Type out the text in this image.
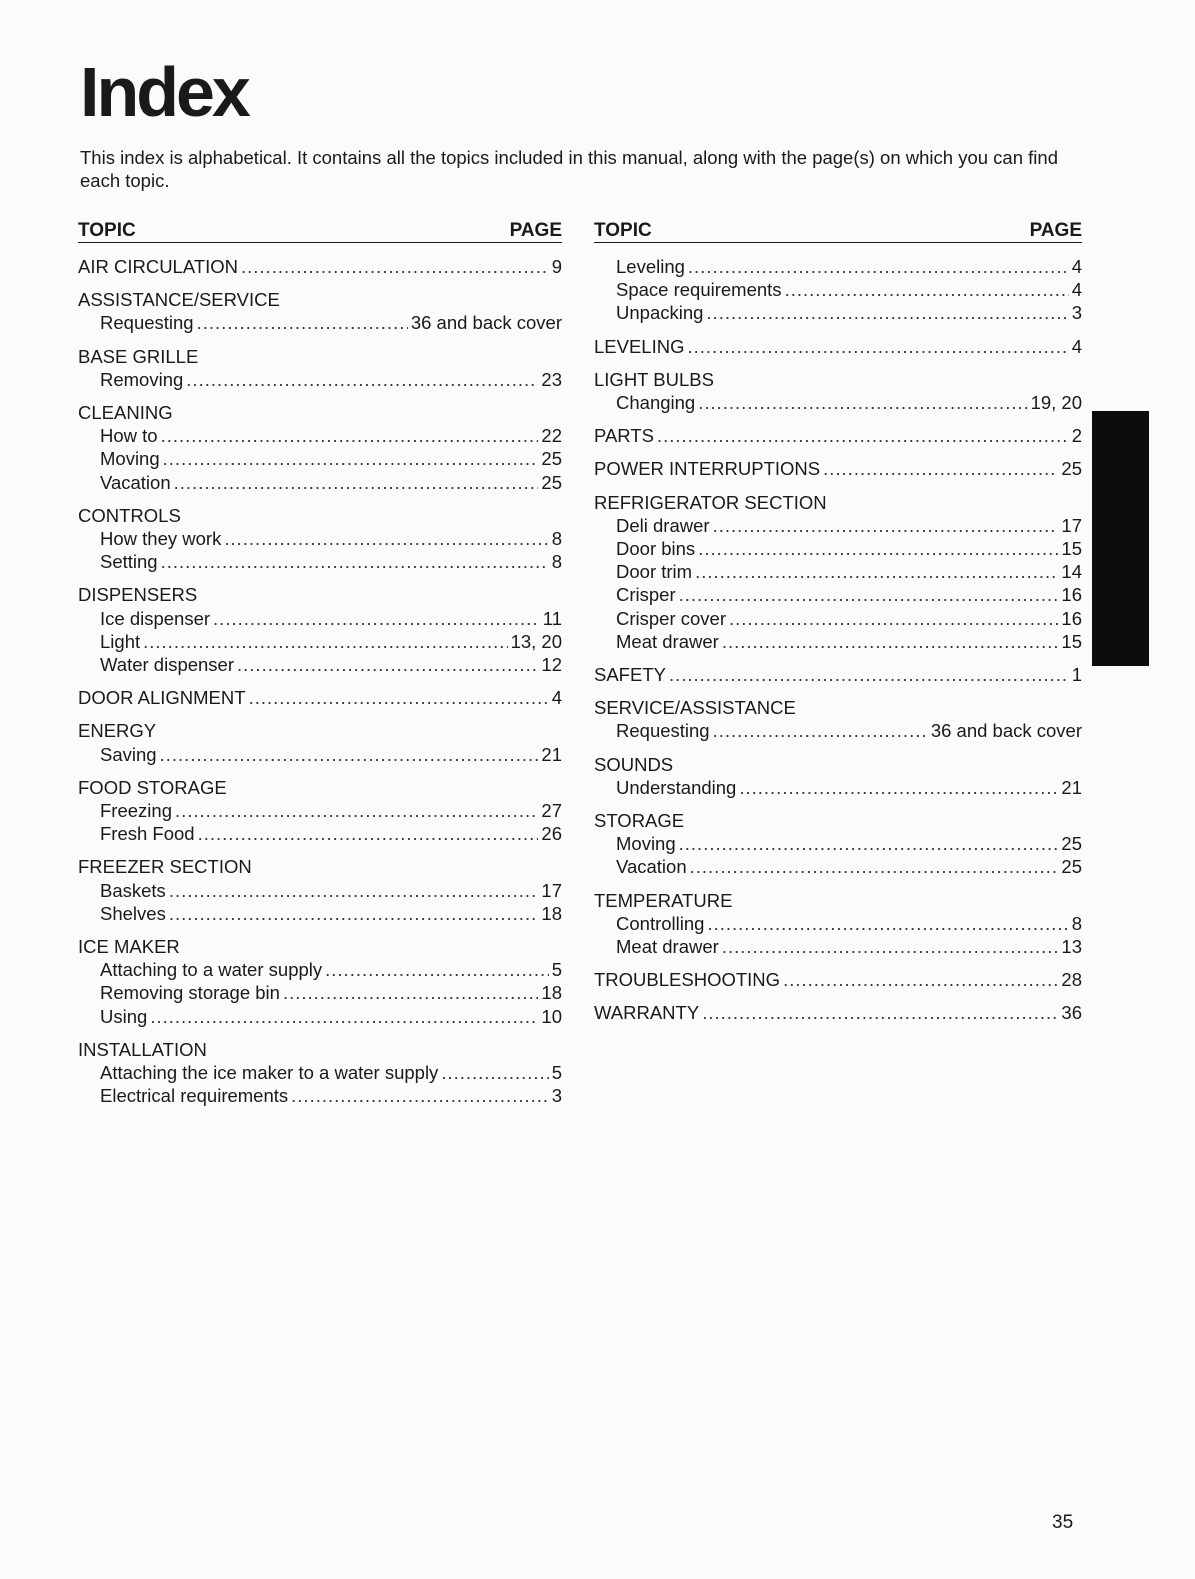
Index

This index is alphabetical. It contains all the topics included in this manual, along with the page(s) on which you can find each topic.

TOPIC	PAGE
AIR CIRCULATION .....	9
ASSISTANCE/SERVICE
Requesting .....	36 and back cover
BASE GRILLE
Removing .....	23
CLEANING
How to .....	22
Moving .....	25
Vacation .....	25
CONTROLS
How they work .....	8
Setting .....	8
DISPENSERS
Ice dispenser .....	11
Light .....	13, 20
Water dispenser .....	12
DOOR ALIGNMENT .....	4
ENERGY
Saving .....	21
FOOD STORAGE
Freezing .....	27
Fresh Food .....	26
FREEZER SECTION
Baskets .....	17
Shelves .....	18
ICE MAKER
Attaching to a water supply .....	5
Removing storage bin .....	18
Using .....	10
INSTALLATION
Attaching the ice maker to a water supply .....	5
Electrical requirements .....	3
TOPIC	PAGE
Leveling .....	4
Space requirements .....	4
Unpacking .....	3
LEVELING .....	4
LIGHT BULBS
Changing .....	19, 20
PARTS .....	2
POWER INTERRUPTIONS .....	25
REFRIGERATOR SECTION
Deli drawer .....	17
Door bins .....	15
Door trim .....	14
Crisper .....	16
Crisper cover .....	16
Meat drawer .....	15
SAFETY .....	1
SERVICE/ASSISTANCE
Requesting .....	36 and back cover
SOUNDS
Understanding .....	21
STORAGE
Moving .....	25
Vacation .....	25
TEMPERATURE
Controlling .....	8
Meat drawer .....	13
TROUBLESHOOTING .....	28
WARRANTY .....	36
35
